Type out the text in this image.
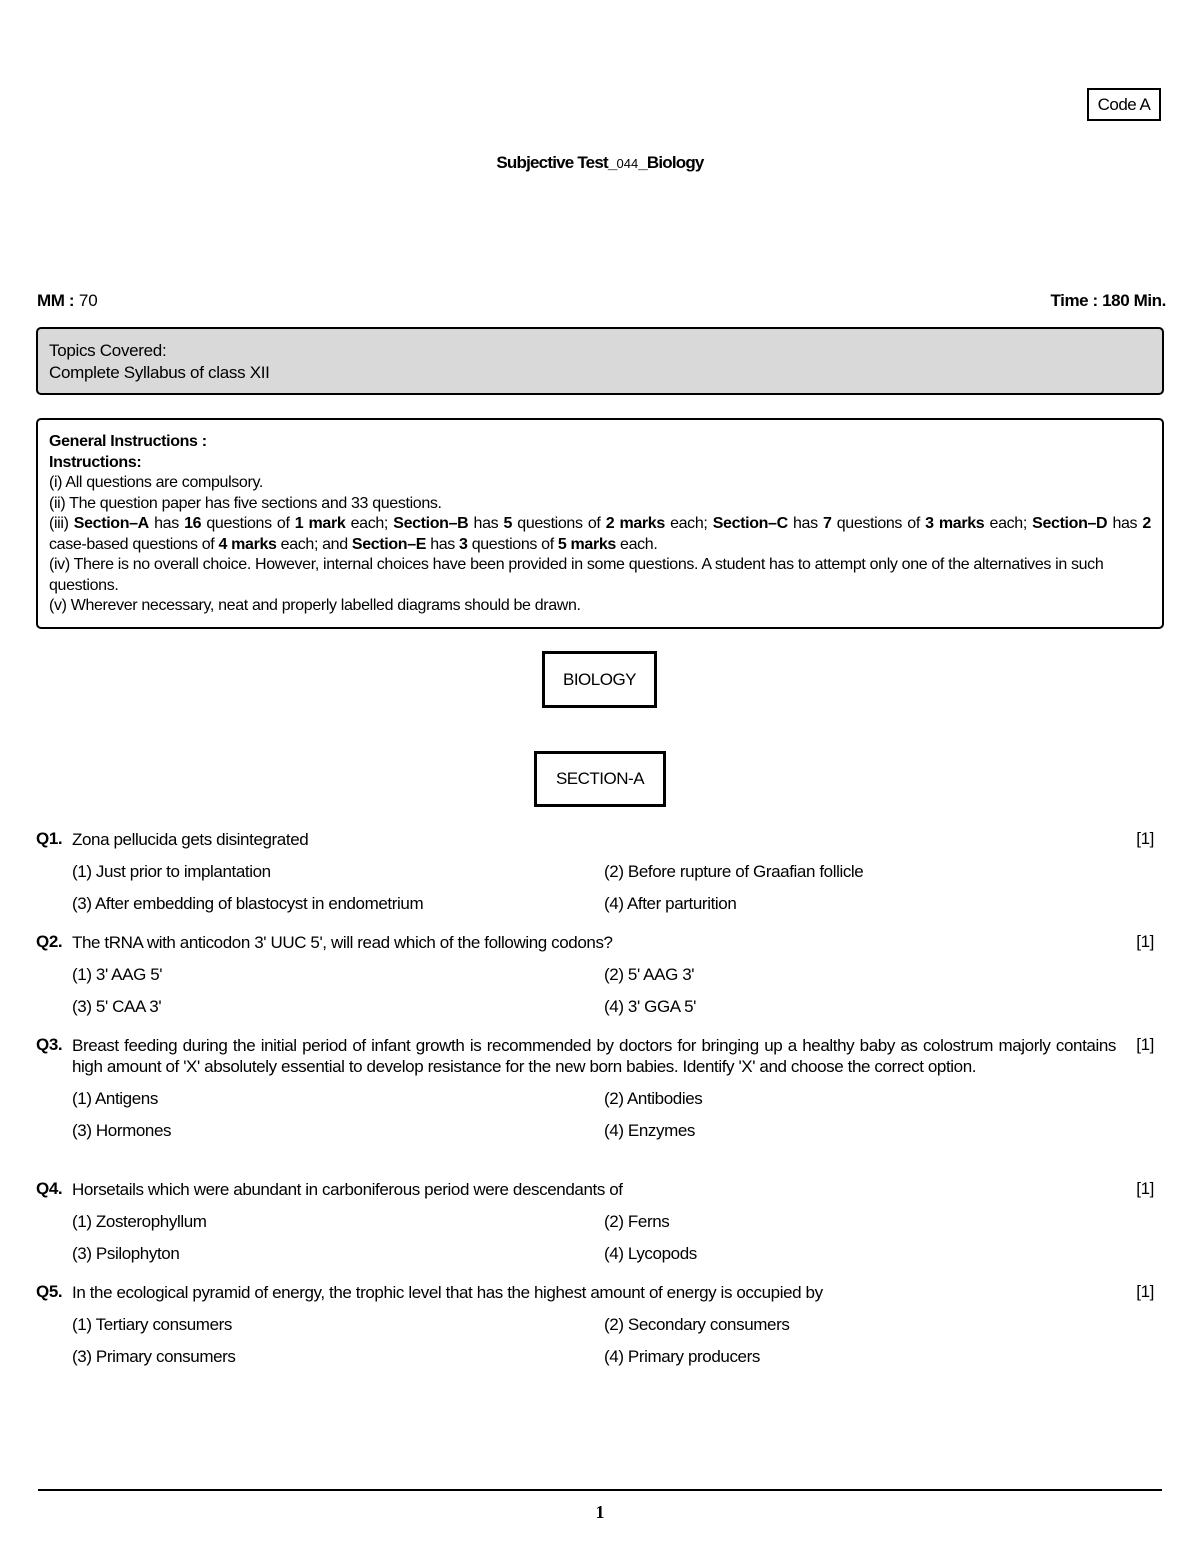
Code A
Subjective Test_044_Biology
MM : 70	Time : 180 Min.
Topics Covered:
Complete Syllabus of class XII
General Instructions :
Instructions:
(i) All questions are compulsory.
(ii) The question paper has five sections and 33 questions.
(iii) Section–A has 16 questions of 1 mark each; Section–B has 5 questions of 2 marks each; Section–C has 7 questions of 3 marks each; Section–D has 2 case-based questions of 4 marks each; and Section–E has 3 questions of 5 marks each.
(iv) There is no overall choice. However, internal choices have been provided in some questions. A student has to attempt only one of the alternatives in such questions.
(v) Wherever necessary, neat and properly labelled diagrams should be drawn.
BIOLOGY
SECTION-A
Q1. Zona pellucida gets disintegrated	[1]
(1) Just prior to implantation	(2) Before rupture of Graafian follicle
(3) After embedding of blastocyst in endometrium	(4) After parturition
Q2. The tRNA with anticodon 3' UUC 5', will read which of the following codons?	[1]
(1) 3' AAG 5'	(2) 5' AAG 3'
(3) 5' CAA 3'	(4) 3' GGA 5'
Q3. Breast feeding during the initial period of infant growth is recommended by doctors for bringing up a healthy baby as colostrum majorly contains high amount of 'X' absolutely essential to develop resistance for the new born babies. Identify 'X' and choose the correct option.
[1]
(1) Antigens	(2) Antibodies
(3) Hormones	(4) Enzymes
Q4. Horsetails which were abundant in carboniferous period were descendants of	[1]
(1) Zosterophyllum	(2) Ferns
(3) Psilophyton	(4) Lycopods
Q5. In the ecological pyramid of energy, the trophic level that has the highest amount of energy is occupied by	[1]
(1) Tertiary consumers	(2) Secondary consumers
(3) Primary consumers	(4) Primary producers
1
